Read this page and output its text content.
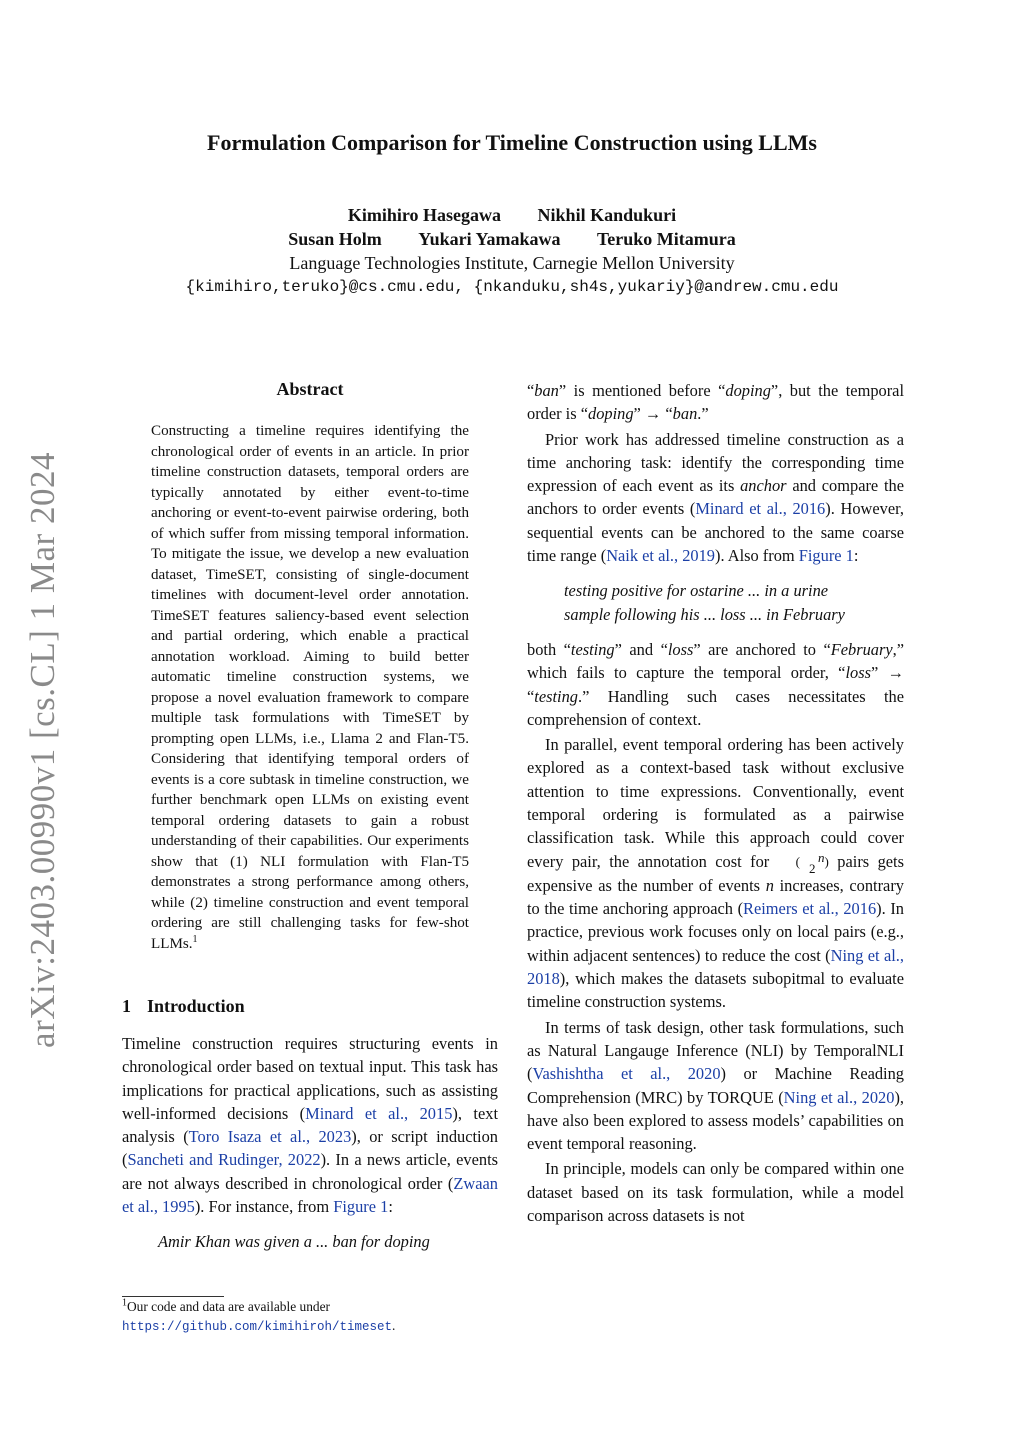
arXiv:2403.00990v1 [cs.CL] 1 Mar 2024
Formulation Comparison for Timeline Construction using LLMs
Kimihiro Hasegawa Nikhil Kandukuri
Susan Holm Yukari Yamakawa Teruko Mitamura
Language Technologies Institute, Carnegie Mellon University
{kimihiro,teruko}@cs.cmu.edu, {nkanduku,sh4s,yukariy}@andrew.cmu.edu
Abstract

Constructing a timeline requires identifying the chronological order of events in an article. In prior timeline construction datasets, temporal orders are typically annotated by either event-to-time anchoring or event-to-event pairwise ordering, both of which suffer from missing temporal information. To mitigate the issue, we develop a new evaluation dataset, TimeSET, consisting of single-document timelines with document-level order annotation. TimeSET features saliency-based event selection and partial ordering, which enable a practical annotation workload. Aiming to build better automatic timeline construction systems, we propose a novel evaluation framework to compare multiple task formulations with TimeSET by prompting open LLMs, i.e., Llama 2 and Flan-T5. Considering that identifying temporal orders of events is a core subtask in timeline construction, we further benchmark open LLMs on existing event temporal ordering datasets to gain a robust understanding of their capabilities. Our experiments show that (1) NLI formulation with Flan-T5 demonstrates a strong performance among others, while (2) timeline construction and event temporal ordering are still challenging tasks for few-shot LLMs.$^1$

1 Introduction

Timeline construction requires structuring events in chronological order based on textual input. This task has implications for practical applications, such as assisting well-informed decisions (Minard et al., 2015), text analysis (Toro Isaza et al., 2023), or script induction (Sancheti and Rudinger, 2022). In a news article, events are not always described in chronological order (Zwaan et al., 1995). For instance, from Figure 1:

Amir Khan was given a ... ban for doping
$^1$Our code and data are available under https://github.com/kimihiroh/timeset.

“ban” is mentioned before “doping”, but the temporal order is “doping” → “ban.”

Prior work has addressed timeline construction as a time anchoring task: identify the corresponding time expression of each event as its anchor and compare the anchors to order events (Minard et al., 2016). However, sequential events can be anchored to the same coarse time range (Naik et al., 2019). Also from Figure 1:

testing positive for ostarine ... in a urine sample following his ... loss ... in February

both “testing” and “loss” are anchored to “February,” which fails to capture the temporal order, “loss” → “testing.” Handling such cases necessitates the comprehension of context.

In parallel, event temporal ordering has been actively explored as a context-based task without exclusive attention to time expressions. Conventionally, event temporal ordering is formulated as a pairwise classification task. While this approach could cover every pair, the annotation cost for ( n
2 ) pairs gets expensive as the number of events n increases, contrary to the time anchoring approach (Reimers et al., 2016). In practice, previous work focuses only on local pairs (e.g., within adjacent sentences) to reduce the cost (Ning et al., 2018), which makes the datasets subopitmal to evaluate timeline construction systems.

In terms of task design, other task formulations, such as Natural Langauge Inference (NLI) by TemporalNLI (Vashishtha et al., 2020) or Machine Reading Comprehension (MRC) by TORQUE (Ning et al., 2020), have also been explored to assess models’ capabilities on event temporal reasoning.

In principle, models can only be compared within one dataset based on its task formulation, while a model comparison across datasets is not
